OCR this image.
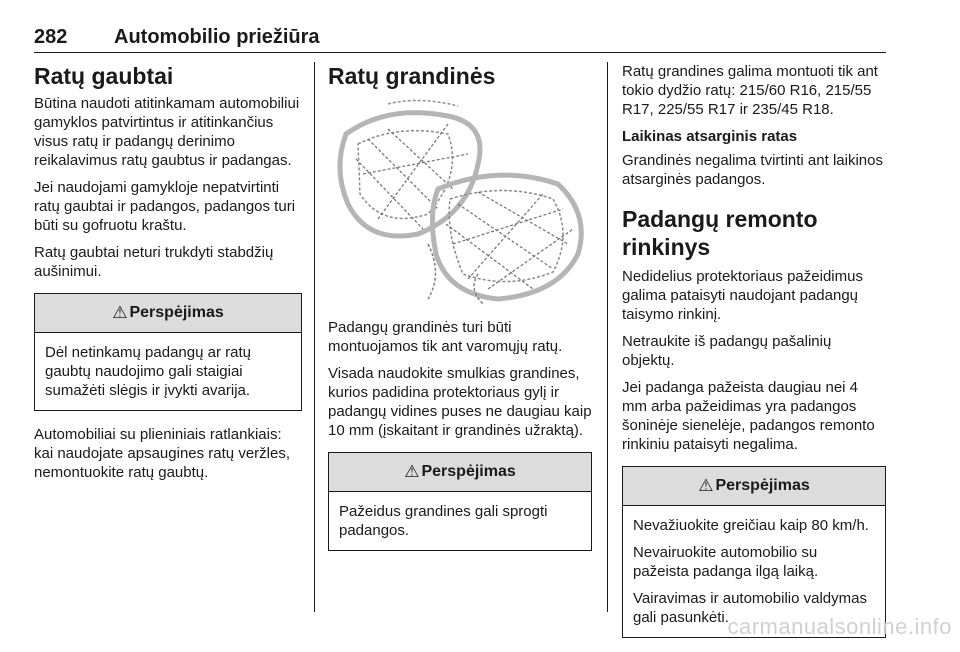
282 Automobilio priežiūra
Ratų gaubtai

Būtina naudoti atitinkamam automobiliui gamyklos patvirtintus ir atitinkančius visus ratų ir padangų derinimo reikalavimus ratų gaubtus ir padangas.

Jei naudojami gamykloje nepatvirtinti ratų gaubtai ir padangos, padangos turi būti su gofruotu kraštu.

Ratų gaubtai neturi trukdyti stabdžių aušinimui.

⚠ Perspėjimas

Dėl netinkamų padangų ar ratų gaubtų naudojimo gali staigiai sumažėti slėgis ir įvykti avarija.

Automobiliai su plieniniais ratlankiais: kai naudojate apsaugines ratų veržles, nemontuokite ratų gaubtų.

Ratų grandinės

Padangų grandinės turi būti montuojamos tik ant varomųjų ratų.

Visada naudokite smulkias grandines, kurios padidina protektoriaus gylį ir padangų vidines puses ne daugiau kaip 10 mm (įskaitant ir grandinės užraktą).

⚠ Perspėjimas

Pažeidus grandines gali sprogti padangos.

Ratų grandines galima montuoti tik ant tokio dydžio ratų: 215/60 R16, 215/55 R17, 225/55 R17 ir 235/45 R18.

Laikinas atsarginis ratas

Grandinės negalima tvirtinti ant laikinos atsarginės padangos.

Padangų remonto rinkinys

Nedidelius protektoriaus pažeidimus galima pataisyti naudojant padangų taisymo rinkinį.

Netraukite iš padangų pašalinių objektų.

Jei padanga pažeista daugiau nei 4 mm arba pažeidimas yra padangos šoninėje sienelėje, padangos remonto rinkiniu pataisyti negalima.

⚠ Perspėjimas

Nevažiuokite greičiau kaip 80 km/h.

Nevairuokite automobilio su pažeista padanga ilgą laiką.

Vairavimas ir automobilio valdymas gali pasunkėti.

carmanualsonline.info
